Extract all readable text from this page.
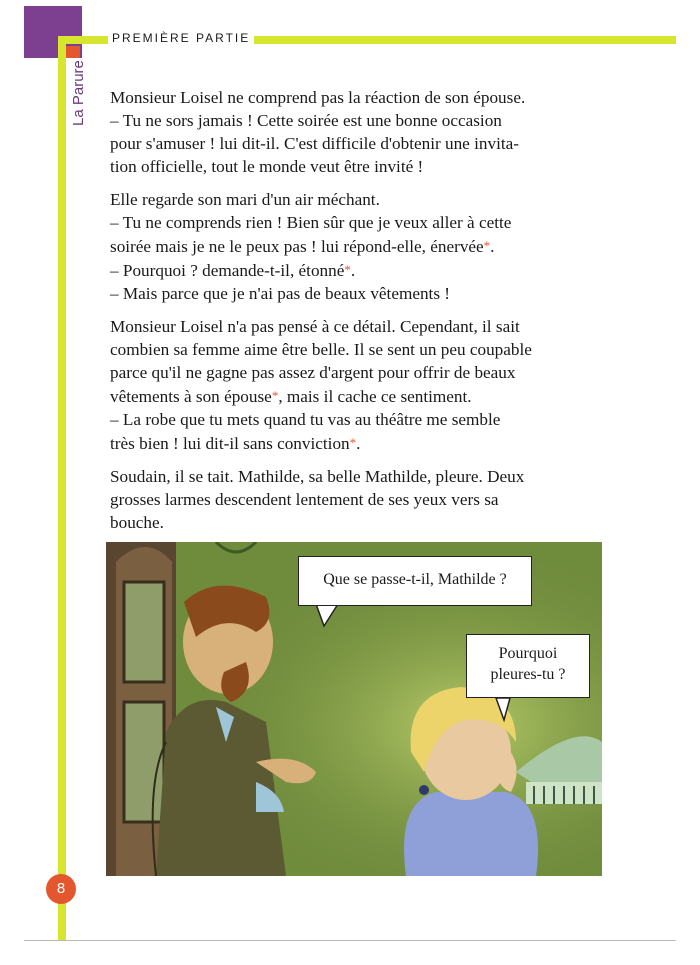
PREMIÈRE PARTIE
La Parure Monsieur Loisel ne comprend pas la réaction de son épouse.
– Tu ne sors jamais ! Cette soirée est une bonne occasion
pour s'amuser ! lui dit-il. C'est difficile d'obtenir une invita-
tion officielle, tout le monde veut être invité !

Elle regarde son mari d'un air méchant.
– Tu ne comprends rien ! Bien sûr que je veux aller à cette
soirée mais je ne le peux pas ! lui répond-elle, énervée*.
– Pourquoi ? demande-t-il, étonné*.
– Mais parce que je n'ai pas de beaux vêtements !

Monsieur Loisel n'a pas pensé à ce détail. Cependant, il sait
combien sa femme aime être belle. Il se sent un peu coupable
parce qu'il ne gagne pas assez d'argent pour offrir de beaux
vêtements à son épouse*, mais il cache ce sentiment.
– La robe que tu mets quand tu vas au théâtre me semble
très bien ! lui dit-il sans conviction*.

Soudain, il se tait. Mathilde, sa belle Mathilde, pleure. Deux
grosses larmes descendent lentement de ses yeux vers sa
bouche.

Que se passe-t-il, Mathilde ?
Pourquoi
pleures-tu ?
8
